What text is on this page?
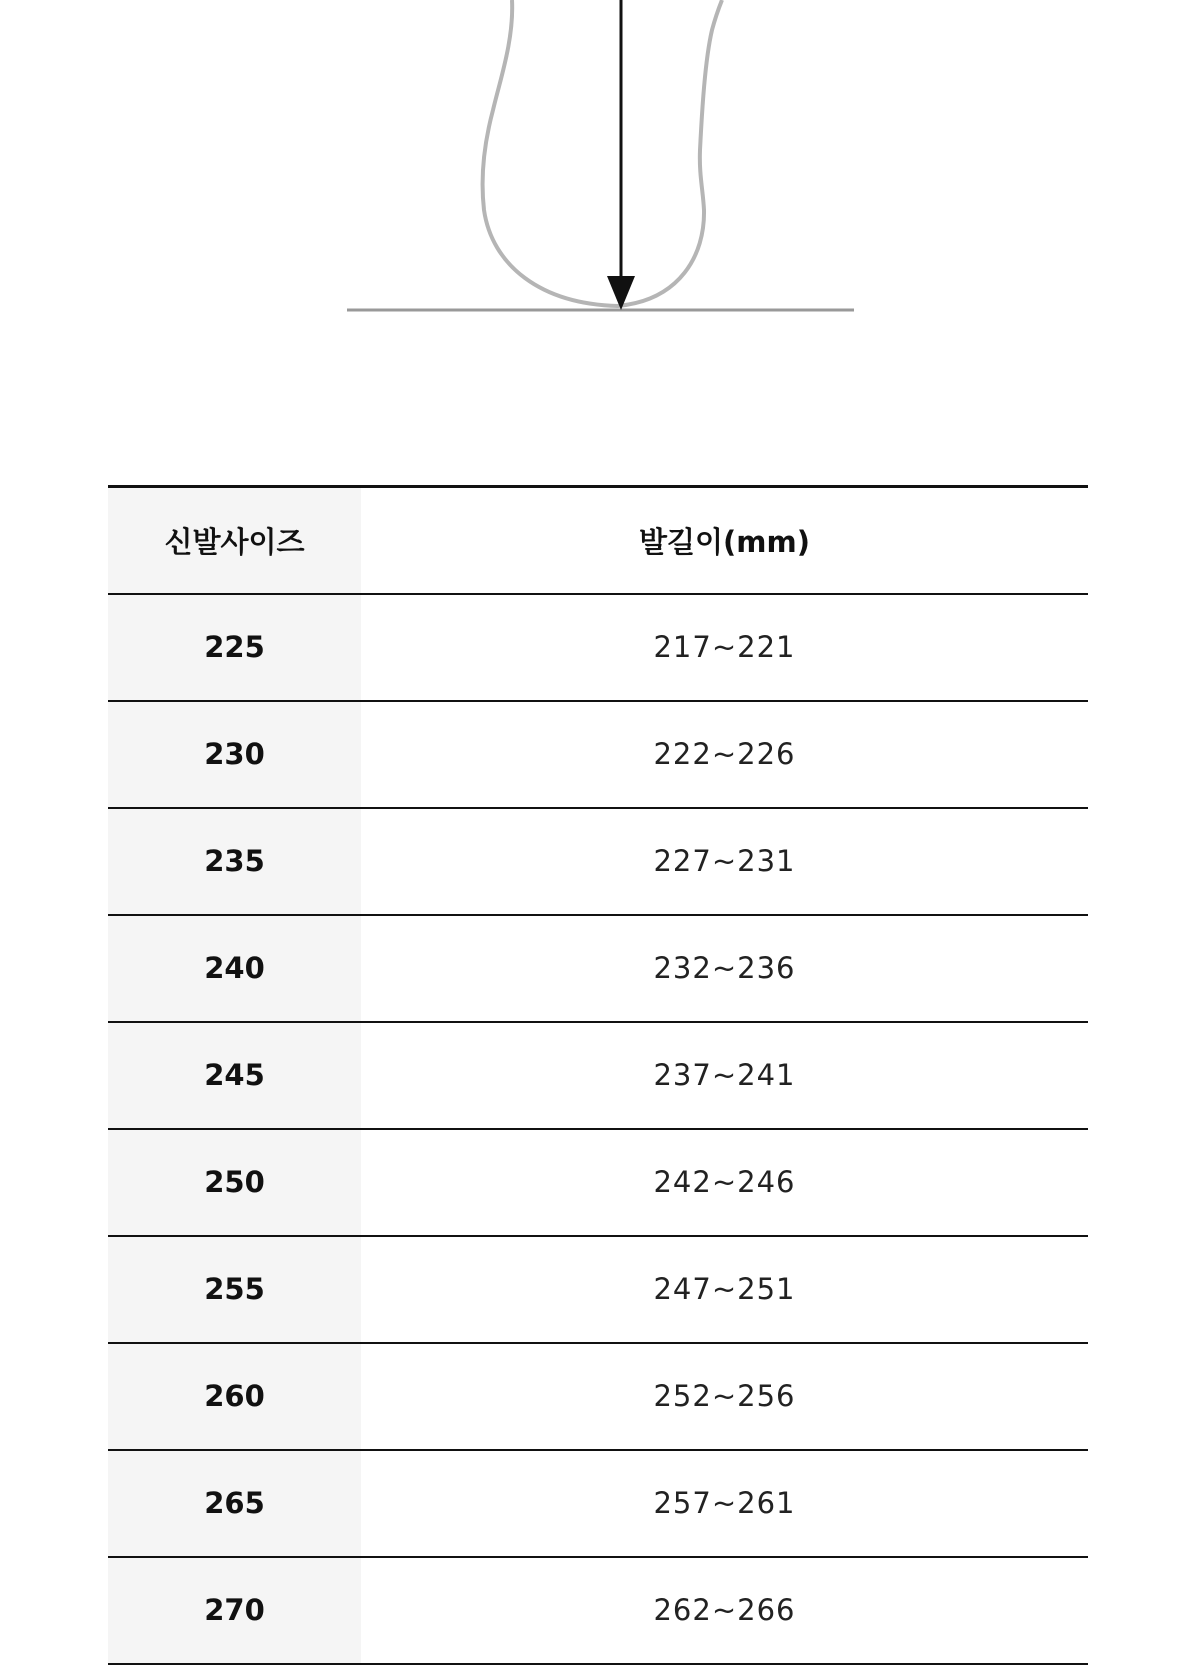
신발사이즈	발길이(mm)
225	217~221
230	222~226
235	227~231
240	232~236
245	237~241
250	242~246
255	247~251
260	252~256
265	257~261
270	262~266
